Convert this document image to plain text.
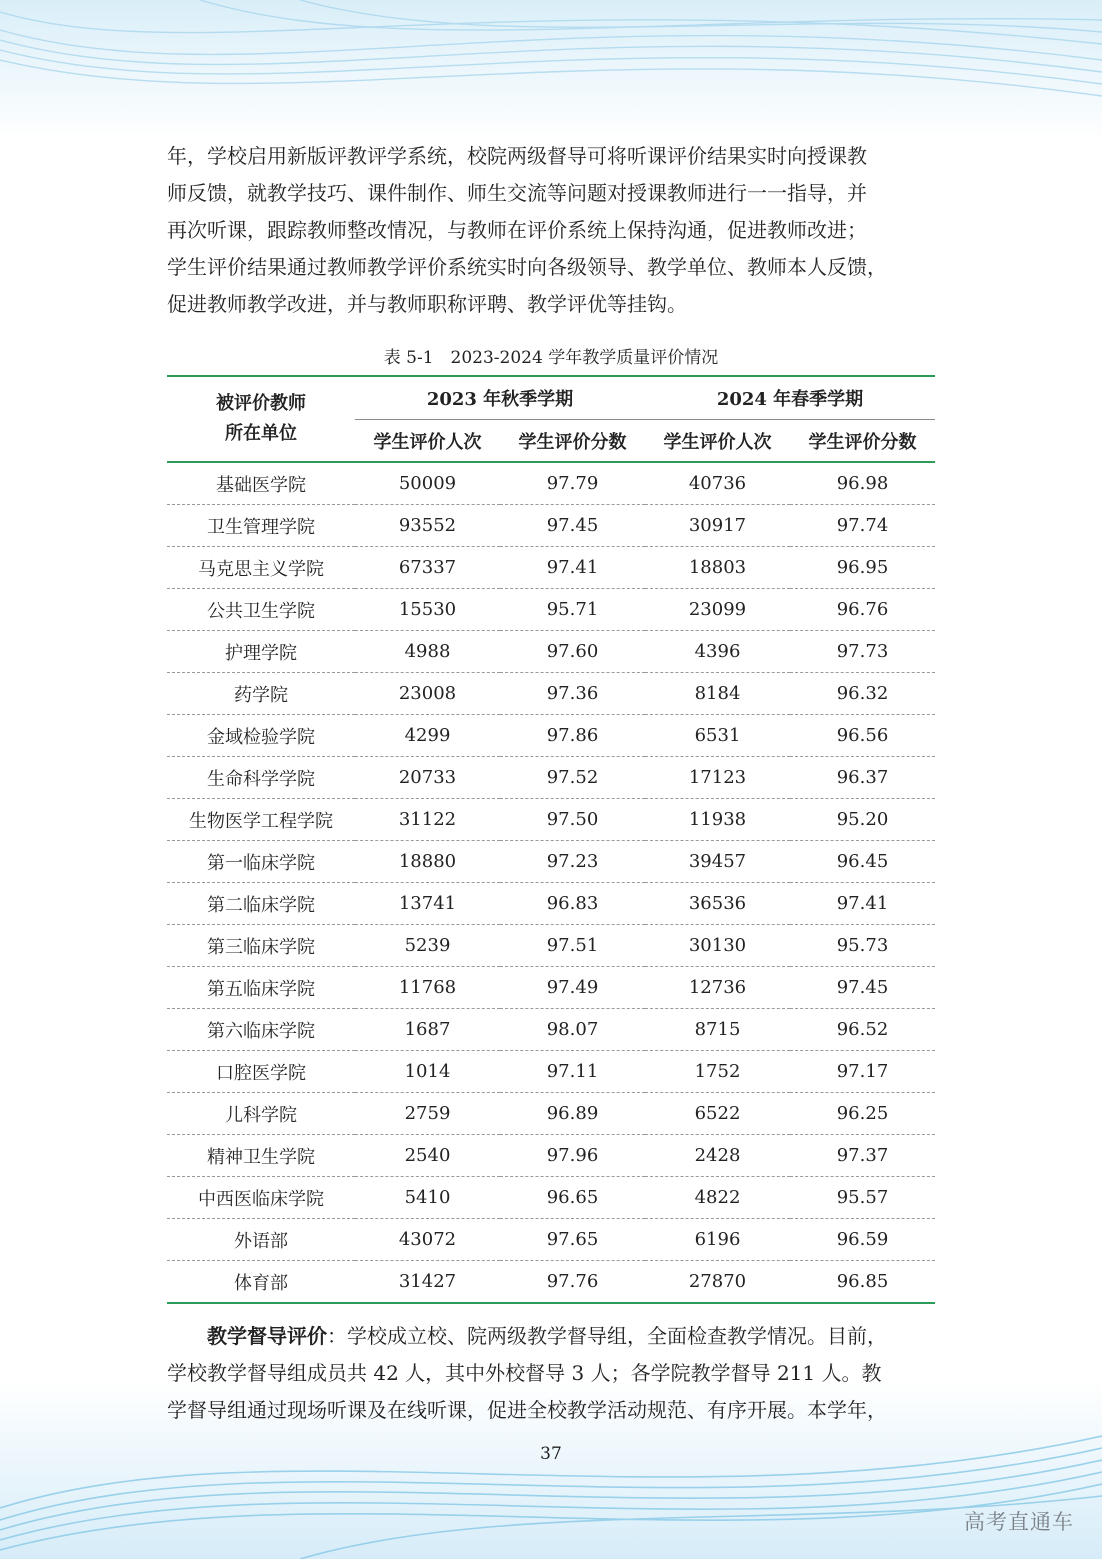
年，学校启用新版评教评学系统，校院两级督导可将听课评价结果实时向授课教

师反馈，就教学技巧、课件制作、师生交流等问题对授课教师进行一一指导，并

再次听课，跟踪教师整改情况，与教师在评价系统上保持沟通，促进教师改进；

学生评价结果通过教师教学评价系统实时向各级领导、教学单位、教师本人反馈，

促进教师教学改进，并与教师职称评聘、教学评优等挂钩。

表 5-1　2023-2024 学年教学质量评价情况
被评价教师
所在单位	2023 年秋季学期		2024 年春季学期	
	学生评价人次	学生评价分数	学生评价人次	学生评价分数
基础医学院	50009	97.79	40736	96.98
卫生管理学院	93552	97.45	30917	97.74
马克思主义学院	67337	97.41	18803	96.95
公共卫生学院	15530	95.71	23099	96.76
护理学院	4988	97.60	4396	97.73
药学院	23008	97.36	8184	96.32
金域检验学院	4299	97.86	6531	96.56
生命科学学院	20733	97.52	17123	96.37
生物医学工程学院	31122	97.50	11938	95.20
第一临床学院	18880	97.23	39457	96.45
第二临床学院	13741	96.83	36536	97.41
第三临床学院	5239	97.51	30130	95.73
第五临床学院	11768	97.49	12736	97.45
第六临床学院	1687	98.07	8715	96.52
口腔医学院	1014	97.11	1752	97.17
儿科学院	2759	96.89	6522	96.25
精神卫生学院	2540	97.96	2428	97.37
中西医临床学院	5410	96.65	4822	95.57
外语部	43072	97.65	6196	96.59
体育部	31427	97.76	27870	96.85

教学督导评价：学校成立校、院两级教学督导组，全面检查教学情况。目前，

学校教学督导组成员共 42 人，其中外校督导 3 人；各学院教学督导 211 人。教

学督导组通过现场听课及在线听课，促进全校教学活动规范、有序开展。本学年，

37
高考直通车
